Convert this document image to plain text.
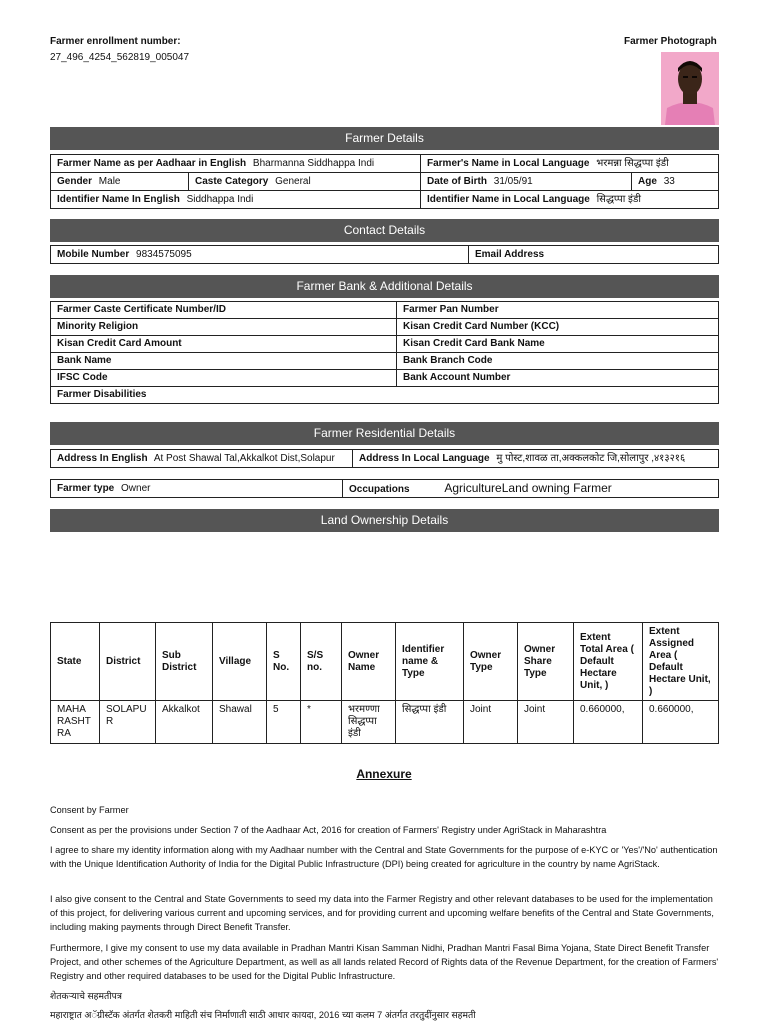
Farmer enrollment number:
27_496_4254_562819_005047
Farmer Photograph
Farmer Details
Farmer Name as per Aadhaar in English Bharmanna Siddhappa Indi	Farmer's Name in Local Language भरमन्ना सिद्धप्पा इंडी
Gender Male	Caste Category General	Date of Birth 31/05/91	Age 33
Identifier Name In English Siddhappa Indi	Identifier Name in Local Language सिद्धप्पा इंडी
Contact Details
Mobile Number 9834575095	Email Address
Farmer Bank & Additional Details
Farmer Caste Certificate Number/ID	Farmer Pan Number
Minority Religion	Kisan Credit Card Number (KCC)
Kisan Credit Card Amount	Kisan Credit Card Bank Name
Bank Name	Bank Branch Code
IFSC Code	Bank Account Number
Farmer Disabilities	
Farmer Residential Details
Address In English At Post Shawal Tal,Akkalkot Dist,Solapur	Address In Local Language मु पोस्ट,शावळ ता,अक्कलकोट जि,सोलापुर ,४१३२१६
Farmer type Owner	Occupations	AgricultureLand owning Farmer
Land Ownership Details
State	District	Sub District	Village	S No.	S/S no.	Owner Name	Identifier name & Type	Owner Type	Owner Share Type	Extent Total Area ( Default Hectare Unit, )	Extent Assigned Area ( Default Hectare Unit, )
MAHARASHTRA	SOLAPUR	Akkalkot	Shawal	5	*	भरमण्णा सिद्धप्पा इंडी	सिद्धप्पा इंडी	Joint	Joint	0.660000,	0.660000,
Annexure
Consent by Farmer
Consent as per the provisions under Section 7 of the Aadhaar Act, 2016 for creation of Farmers' Registry under AgriStack in Maharashtra
I agree to share my identity information along with my Aadhaar number with the Central and State Governments for the purpose of e-KYC or 'Yes'/'No' authentication with the Unique Identification Authority of India for the Digital Public Infrastructure (DPI) being created for agriculture in the country by name AgriStack.
I also give consent to the Central and State Governments to seed my data into the Farmer Registry and other relevant databases to be used for the implementation of this project, for delivering various current and upcoming services, and for providing current and upcoming welfare benefits of the Central and State Governments, including making payments through Direct Benefit Transfer.
Furthermore, I give my consent to use my data available in Pradhan Mantri Kisan Samman Nidhi, Pradhan Mantri Fasal Bima Yojana, State Direct Benefit Transfer Project, and other schemes of the Agriculture Department, as well as all lands related Record of Rights data of the Revenue Department, for the creation of Farmers' Registry and other required databases to be used for the Digital Public Infrastructure.
शेतकऱ्याचे सहमतीपत्र
महाराष्ट्रात अॅग्रीस्टॅक अंतर्गत शेतकरी माहिती संच निर्माणाती साठी आधार कायदा, 2016 च्या कलम 7 अंतर्गत तरतुदींनुसार सहमती
